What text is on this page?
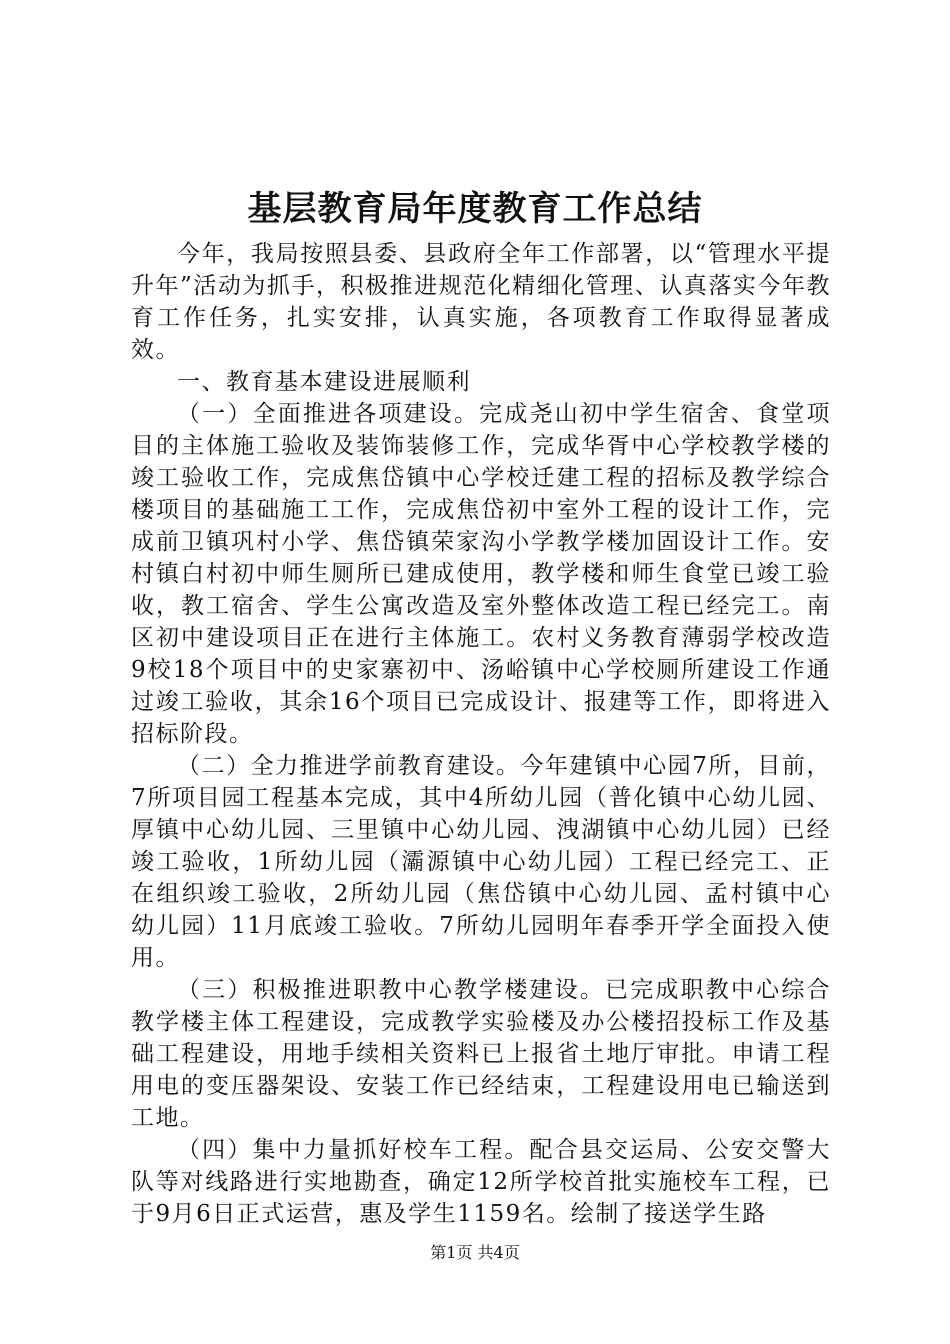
基层教育局年度教育工作总结

今年，我局按照县委、县政府全年工作部署，以“管理水平提升年”活动为抓手，积极推进规范化精细化管理、认真落实今年教育工作任务，扎实安排，认真实施，各项教育工作取得显著成效。

一、教育基本建设进展顺利

（一）全面推进各项建设。完成尧山初中学生宿舍、食堂项目的主体施工验收及装饰装修工作，完成华胥中心学校教学楼的竣工验收工作，完成焦岱镇中心学校迁建工程的招标及教学综合楼项目的基础施工工作，完成焦岱初中室外工程的设计工作，完成前卫镇巩村小学、焦岱镇荣家沟小学教学楼加固设计工作。安村镇白村初中师生厕所已建成使用，教学楼和师生食堂已竣工验收，教工宿舍、学生公寓改造及室外整体改造工程已经完工。南区初中建设项目正在进行主体施工。农村义务教育薄弱学校改造9校18个项目中的史家寨初中、汤峪镇中心学校厕所建设工作通过竣工验收，其余16个项目已完成设计、报建等工作，即将进入招标阶段。

（二）全力推进学前教育建设。今年建镇中心园7所，目前，7所项目园工程基本完成，其中4所幼儿园（普化镇中心幼儿园、厚镇中心幼儿园、三里镇中心幼儿园、洩湖镇中心幼儿园）已经竣工验收，1所幼儿园（灞源镇中心幼儿园）工程已经完工、正在组织竣工验收，2所幼儿园（焦岱镇中心幼儿园、孟村镇中心幼儿园）11月底竣工验收。7所幼儿园明年春季开学全面投入使用。

（三）积极推进职教中心教学楼建设。已完成职教中心综合教学楼主体工程建设，完成教学实验楼及办公楼招投标工作及基础工程建设，用地手续相关资料已上报省土地厅审批。申请工程用电的变压器架设、安装工作已经结束，工程建设用电已输送到工地。

（四）集中力量抓好校车工程。配合县交运局、公安交警大队等对线路进行实地勘查，确定12所学校首批实施校车工程，已于9月6日正式运营，惠及学生1159名。绘制了接送学生路

第1页 共4页
